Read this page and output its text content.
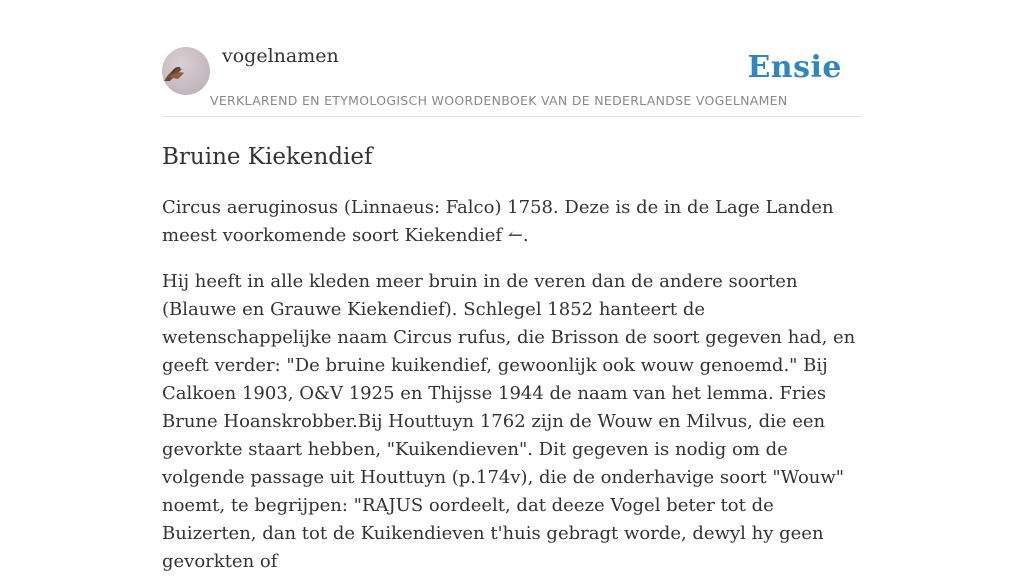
vogelnamen	Ensie
VERKLAREND EN ETYMOLOGISCH WOORDENBOEK VAN DE NEDERLANDSE VOGELNAMEN
Bruine Kiekendief

Circus aeruginosus (Linnaeus: Falco) 1758. Deze is de in de Lage Landen meest voorkomende soort Kiekendief ↼.

Hij heeft in alle kleden meer bruin in de veren dan de andere soorten (Blauwe en Grauwe Kiekendief). Schlegel 1852 hanteert de wetenschappelijke naam Circus rufus, die Brisson de soort gegeven had, en geeft verder: "De bruine kuikendief, gewoonlijk ook wouw genoemd." Bij Calkoen 1903, O&V 1925 en Thijsse 1944 de naam van het lemma. Fries Brune Hoanskrobber.Bij Houttuyn 1762 zijn de Wouw en Milvus, die een gevorkte staart hebben, "Kuikendieven". Dit gegeven is nodig om de volgende passage uit Houttuyn (p.174v), die de onderhavige soort "Wouw" noemt, te begrijpen: "RAJUS oordeelt, dat deeze Vogel beter tot de Buizerten, dan tot de Kuikendieven t'huis gebragt worde, dewyl hy geen gevorkten of
